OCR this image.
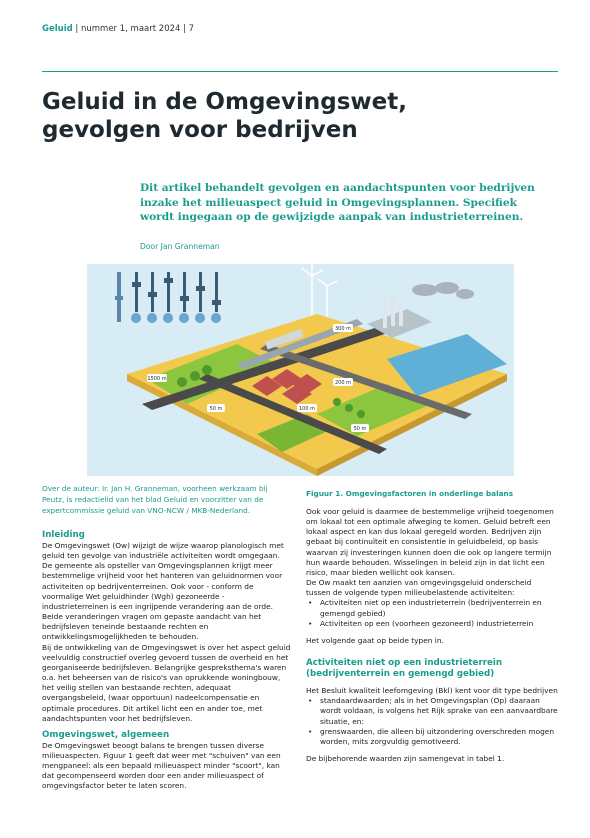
Geluid | nummer 1, maart 2024 | 7
Geluid in de Omgevingswet,
gevolgen voor bedrijven
Dit artikel behandelt gevolgen en aandachtspunten voor bedrijven inzake het milieuaspect geluid in Omgevingsplannen. Specifiek wordt ingegaan op de gewijzigde aanpak van industrieterreinen.
Door Jan Granneman
300 m
1500 m
200 m
100 m
50 m
50 m
Over de auteur: Ir. Jan H. Granneman, voorheen werkzaam bij Peutz, is redactielid van het blad Geluid en voorzitter van de expertcommissie geluid van VNO-NCW / MKB-Nederland.
Figuur 1. Omgevingsfactoren in onderlinge balans
Inleiding

De Omgevingswet (Ow) wijzigt de wijze waarop planologisch met geluid ten gevolge van industriële activiteiten wordt omgegaan. De gemeente als opsteller van Omgevingsplannen krijgt meer bestemmelige vrijheid voor het hanteren van geluidnormen voor activiteiten op bedrijventerreinen. Ook voor - conform de voormalige Wet geluidhinder (Wgh) gezoneerde - industrieterreinen is een ingrijpende verandering aan de orde. Beide veranderingen vragen om gepaste aandacht van het bedrijfsleven teneinde bestaande rechten en ontwikkelingsmogelijkheden te behouden.

Bij de ontwikkeling van de Omgevingswet is over het aspect geluid veelvuldig constructief overleg gevoerd tussen de overheid en het georganiseerde bedrijfsleven. Belangrijke gespreksthema's waren o.a. het beheersen van de risico's van oprukkende woningbouw, het veilig stellen van bestaande rechten, adequaat overgangsbeleid, (waar opportuun) nadeelcompensatie en optimale procedures. Dit artikel licht een en ander toe, met aandachtspunten voor het bedrijfsleven.

Omgevingswet, algemeen

De Omgevingswet beoogt balans te brengen tussen diverse milieuaspecten. Figuur 1 geeft dat weer met "schuiven" van een mengpaneel: als een bepaald milieuaspect minder "scoort", kan dat gecompenseerd worden door een ander milieuaspect of omgevingsfactor beter te laten scoren.

Ook voor geluid is daarmee de bestemmelige vrijheid toegenomen om lokaal tot een optimale afweging te komen. Geluid betreft een lokaal aspect en kan dus lokaal geregeld worden. Bedrijven zijn gebaat bij continuïteit en consistentie in geluidbeleid, op basis waarvan zij investeringen kunnen doen die ook op langere termijn hun waarde behouden. Wisselingen in beleid zijn in dat licht een risico, maar bieden wellicht ook kansen.

De Ow maakt ten aanzien van omgevingsgeluid onderscheid tussen de volgende typen milieubelastende activiteiten:

• Activiteiten niet op een industrieterrein (bedrijventerrein en gemengd gebied)
• Activiteiten op een (voorheen gezoneerd) industrieterrein

Het volgende gaat op beide typen in.

Activiteiten niet op een industrieterrein (bedrijventerrein en gemengd gebied)

Het Besluit kwaliteit leefomgeving (Bkl) kent voor dit type bedrijven

• standaardwaarden; als in het Omgevingsplan (Op) daaraan wordt voldaan, is volgens het Rijk sprake van een aanvaardbare situatie, en:
• grenswaarden, die alleen bij uitzondering overschreden mogen worden, mits zorgvuldig gemotiveerd.

De bijbehorende waarden zijn samengevat in tabel 1.
